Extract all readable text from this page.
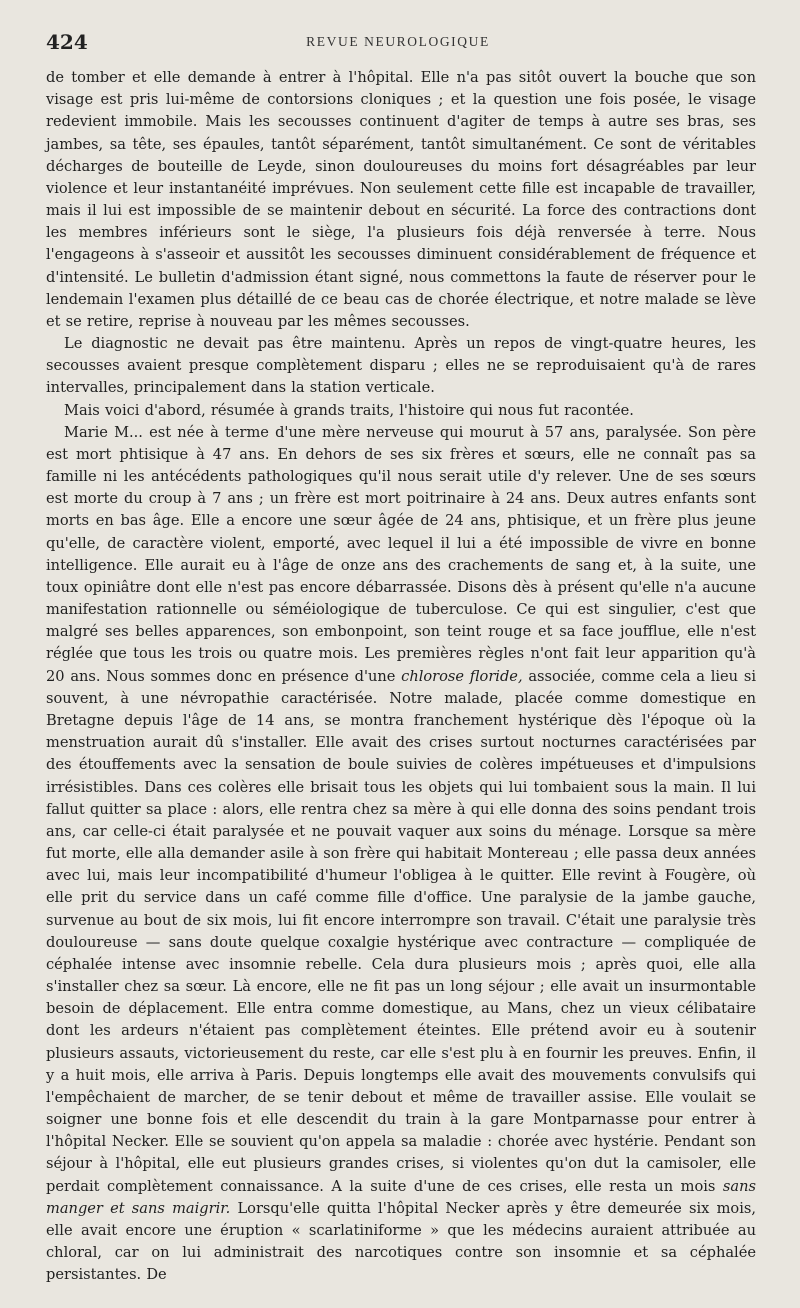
424	REVUE NEUROLOGIQUE

de tomber et elle demande à entrer à l'hôpital. Elle n'a pas sitôt ouvert la bouche que son visage est pris lui-même de contorsions cloniques ; et la question une fois posée, le visage redevient immobile. Mais les secousses continuent d'agiter de temps à autre ses bras, ses jambes, sa tête, ses épaules, tantôt séparément, tantôt simultanément. Ce sont de véritables décharges de bouteille de Leyde, sinon douloureuses du moins fort désagréables par leur violence et leur instantanéité imprévues. Non seulement cette fille est incapable de travailler, mais il lui est impossible de se maintenir debout en sécurité. La force des contractions dont les membres inférieurs sont le siège, l'a plusieurs fois déjà renversée à terre. Nous l'engageons à s'asseoir et aussitôt les secousses diminuent considérablement de fréquence et d'intensité. Le bulletin d'admission étant signé, nous commettons la faute de réserver pour le lendemain l'examen plus détaillé de ce beau cas de chorée électrique, et notre malade se lève et se retire, reprise à nouveau par les mêmes secousses.

Le diagnostic ne devait pas être maintenu. Après un repos de vingt-quatre heures, les secousses avaient presque complètement disparu ; elles ne se reproduisaient qu'à de rares intervalles, principalement dans la station verticale.

Mais voici d'abord, résumée à grands traits, l'histoire qui nous fut racontée.

Marie M... est née à terme d'une mère nerveuse qui mourut à 57 ans, paralysée. Son père est mort phtisique à 47 ans. En dehors de ses six frères et sœurs, elle ne connaît pas sa famille ni les antécédents pathologiques qu'il nous serait utile d'y relever. Une de ses sœurs est morte du croup à 7 ans ; un frère est mort poitrinaire à 24 ans. Deux autres enfants sont morts en bas âge. Elle a encore une sœur âgée de 24 ans, phtisique, et un frère plus jeune qu'elle, de caractère violent, emporté, avec lequel il lui a été impossible de vivre en bonne intelligence. Elle aurait eu à l'âge de onze ans des crachements de sang et, à la suite, une toux opiniâtre dont elle n'est pas encore débarrassée. Disons dès à présent qu'elle n'a aucune manifestation rationnelle ou séméiologique de tuberculose. Ce qui est singulier, c'est que malgré ses belles apparences, son embonpoint, son teint rouge et sa face joufflue, elle n'est réglée que tous les trois ou quatre mois. Les premières règles n'ont fait leur apparition qu'à 20 ans. Nous sommes donc en présence d'une chlorose floride, associée, comme cela a lieu si souvent, à une névropathie caractérisée. Notre malade, placée comme domestique en Bretagne depuis l'âge de 14 ans, se montra franchement hystérique dès l'époque où la menstruation aurait dû s'installer. Elle avait des crises surtout nocturnes caractérisées par des étouffements avec la sensation de boule suivies de colères impétueuses et d'impulsions irrésistibles. Dans ces colères elle brisait tous les objets qui lui tombaient sous la main. Il lui fallut quitter sa place : alors, elle rentra chez sa mère à qui elle donna des soins pendant trois ans, car celle-ci était paralysée et ne pouvait vaquer aux soins du ménage. Lorsque sa mère fut morte, elle alla demander asile à son frère qui habitait Montereau ; elle passa deux années avec lui, mais leur incompatibilité d'humeur l'obligea à le quitter. Elle revint à Fougère, où elle prit du service dans un café comme fille d'office. Une paralysie de la jambe gauche, survenue au bout de six mois, lui fit encore interrompre son travail. C'était une paralysie très douloureuse — sans doute quelque coxalgie hystérique avec contracture — compliquée de céphalée intense avec insomnie rebelle. Cela dura plusieurs mois ; après quoi, elle alla s'installer chez sa sœur. Là encore, elle ne fit pas un long séjour ; elle avait un insurmontable besoin de déplacement. Elle entra comme domestique, au Mans, chez un vieux célibataire dont les ardeurs n'étaient pas complètement éteintes. Elle prétend avoir eu à soutenir plusieurs assauts, victorieusement du reste, car elle s'est plu à en fournir les preuves. Enfin, il y a huit mois, elle arriva à Paris. Depuis longtemps elle avait des mouvements convulsifs qui l'empêchaient de marcher, de se tenir debout et même de travailler assise. Elle voulait se soigner une bonne fois et elle descendit du train à la gare Montparnasse pour entrer à l'hôpital Necker. Elle se souvient qu'on appela sa maladie : chorée avec hystérie. Pendant son séjour à l'hôpital, elle eut plusieurs grandes crises, si violentes qu'on dut la camisoler, elle perdait complètement connaissance. A la suite d'une de ces crises, elle resta un mois sans manger et sans maigrir. Lorsqu'elle quitta l'hôpital Necker après y être demeurée six mois, elle avait encore une éruption « scarlatiniforme » que les médecins auraient attribuée au chloral, car on lui administrait des narcotiques contre son insomnie et sa céphalée persistantes. De
